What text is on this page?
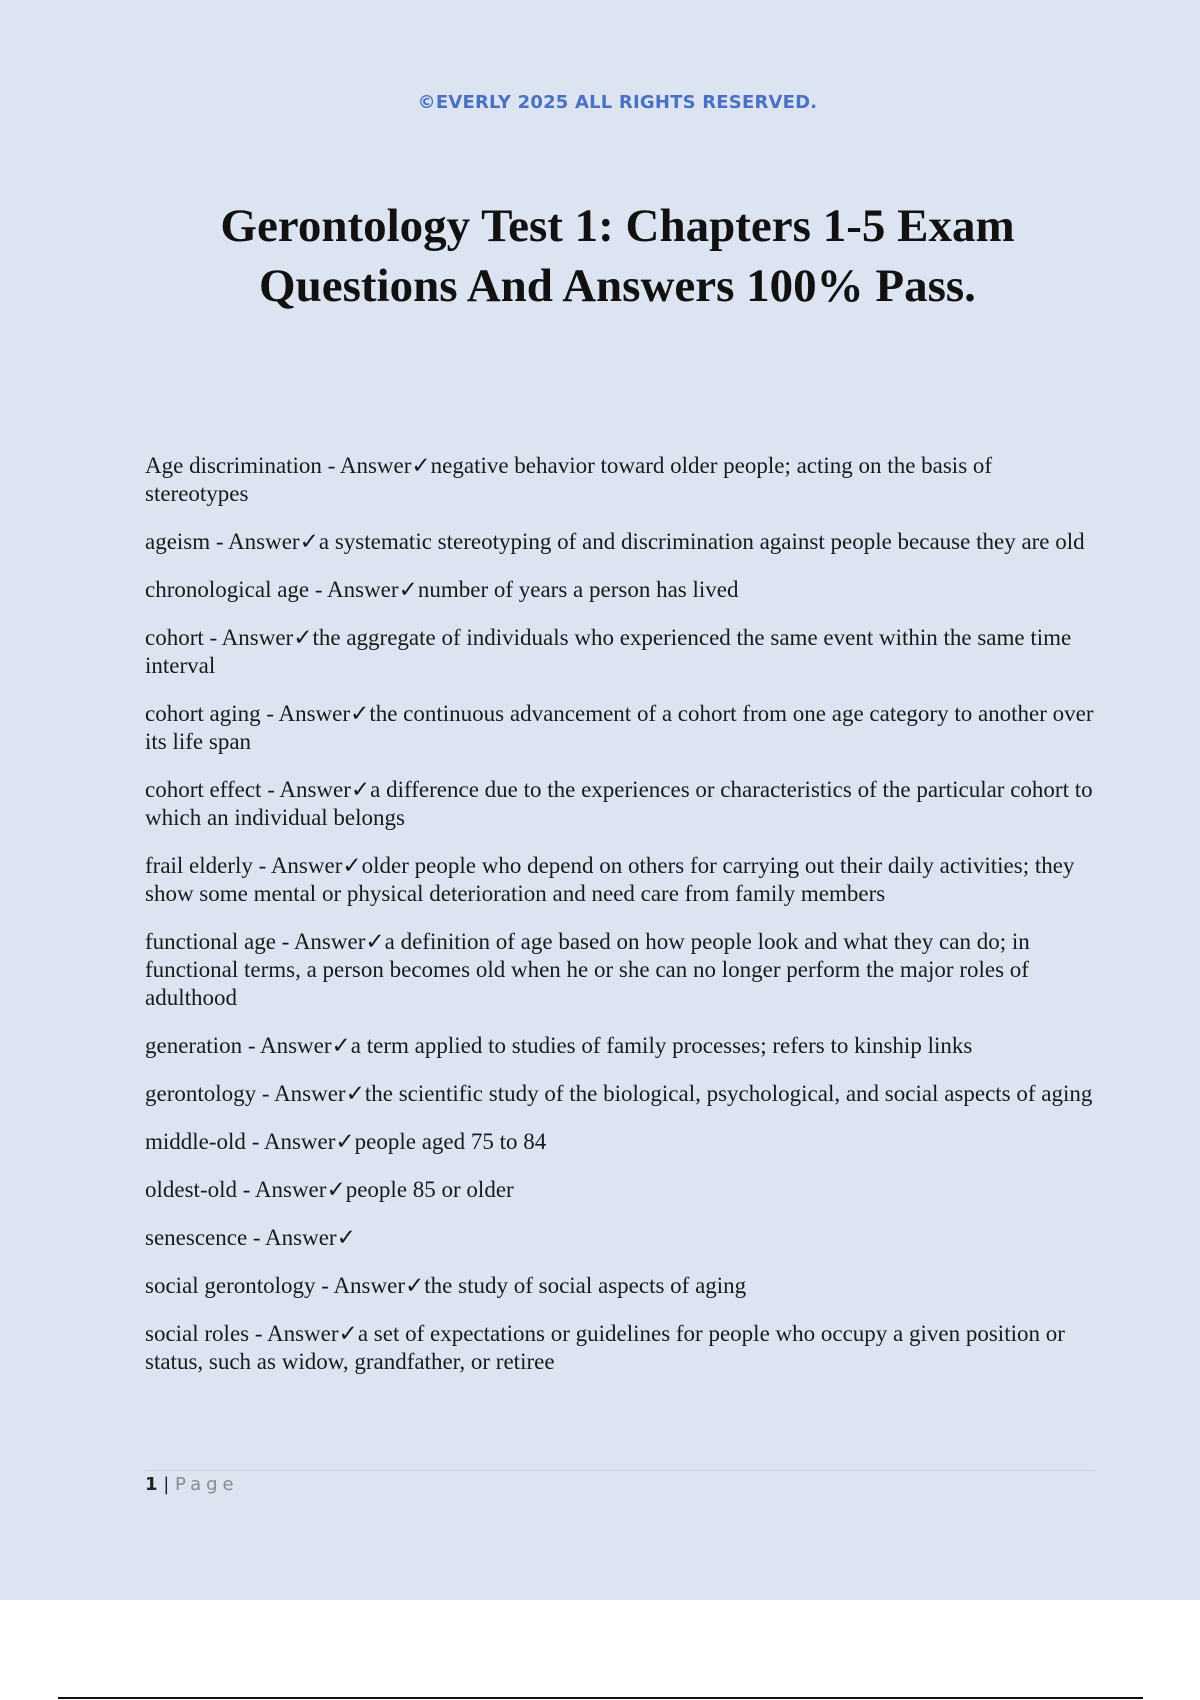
©EVERLY 2025 ALL RIGHTS RESERVED.
Gerontology Test 1: Chapters 1-5 Exam
Questions And Answers 100% Pass.
Age discrimination - Answer✓negative behavior toward older people; acting on the basis of stereotypes
ageism - Answer✓a systematic stereotyping of and discrimination against people because they are old
chronological age - Answer✓number of years a person has lived
cohort - Answer✓the aggregate of individuals who experienced the same event within the same time interval
cohort aging - Answer✓the continuous advancement of a cohort from one age category to another over its life span
cohort effect - Answer✓a difference due to the experiences or characteristics of the particular cohort to which an individual belongs
frail elderly - Answer✓older people who depend on others for carrying out their daily activities; they show some mental or physical deterioration and need care from family members
functional age - Answer✓a definition of age based on how people look and what they can do; in functional terms, a person becomes old when he or she can no longer perform the major roles of adulthood
generation - Answer✓a term applied to studies of family processes; refers to kinship links
gerontology - Answer✓the scientific study of the biological, psychological, and social aspects of aging
middle-old - Answer✓people aged 75 to 84
oldest-old - Answer✓people 85 or older
senescence - Answer✓
social gerontology - Answer✓the study of social aspects of aging
social roles - Answer✓a set of expectations or guidelines for people who occupy a given position or status, such as widow, grandfather, or retiree
1 | Page
